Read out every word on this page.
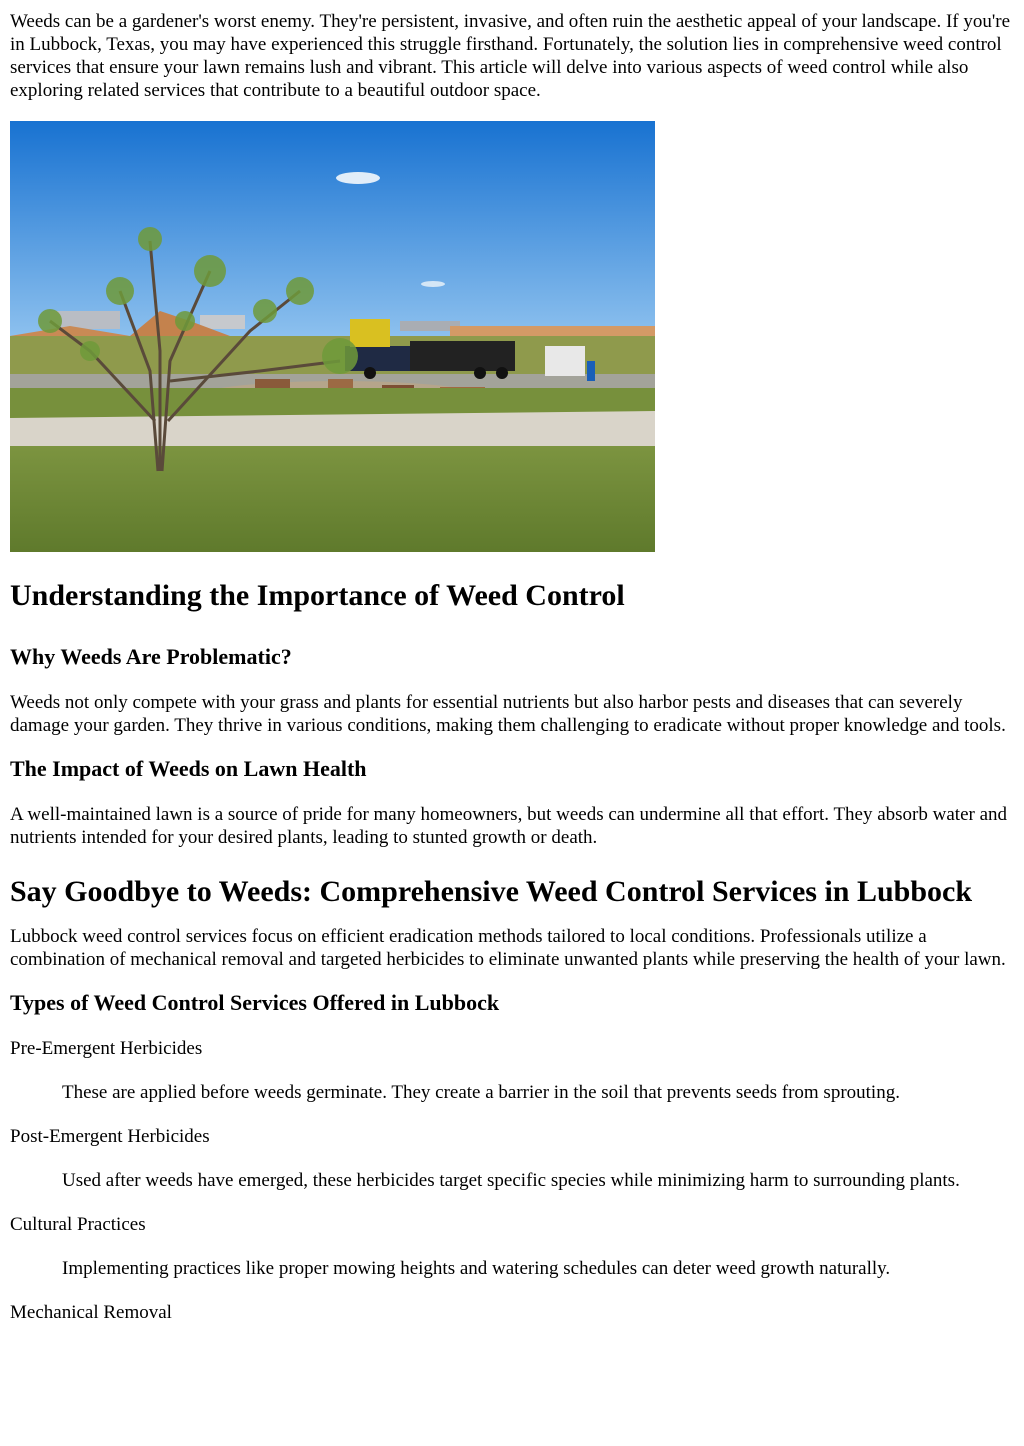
Weeds can be a gardener's worst enemy. They're persistent, invasive, and often ruin the aesthetic appeal of your landscape. If you're in Lubbock, Texas, you may have experienced this struggle firsthand. Fortunately, the solution lies in comprehensive weed control services that ensure your lawn remains lush and vibrant. This article will delve into various aspects of weed control while also exploring related services that contribute to a beautiful outdoor space.

Understanding the Importance of Weed Control
Why Weeds Are Problematic?

Weeds not only compete with your grass and plants for essential nutrients but also harbor pests and diseases that can severely damage your garden. They thrive in various conditions, making them challenging to eradicate without proper knowledge and tools.

The Impact of Weeds on Lawn Health

A well-maintained lawn is a source of pride for many homeowners, but weeds can undermine all that effort. They absorb water and nutrients intended for your desired plants, leading to stunted growth or death.

Say Goodbye to Weeds: Comprehensive Weed Control Services in Lubbock

Lubbock weed control services focus on efficient eradication methods tailored to local conditions. Professionals utilize a combination of mechanical removal and targeted herbicides to eliminate unwanted plants while preserving the health of your lawn.

Types of Weed Control Services Offered in Lubbock
Pre-Emergent Herbicides
These are applied before weeds germinate. They create a barrier in the soil that prevents seeds from sprouting.
Post-Emergent Herbicides
Used after weeds have emerged, these herbicides target specific species while minimizing harm to surrounding plants.
Cultural Practices
Implementing practices like proper mowing heights and watering schedules can deter weed growth naturally.
Mechanical Removal
